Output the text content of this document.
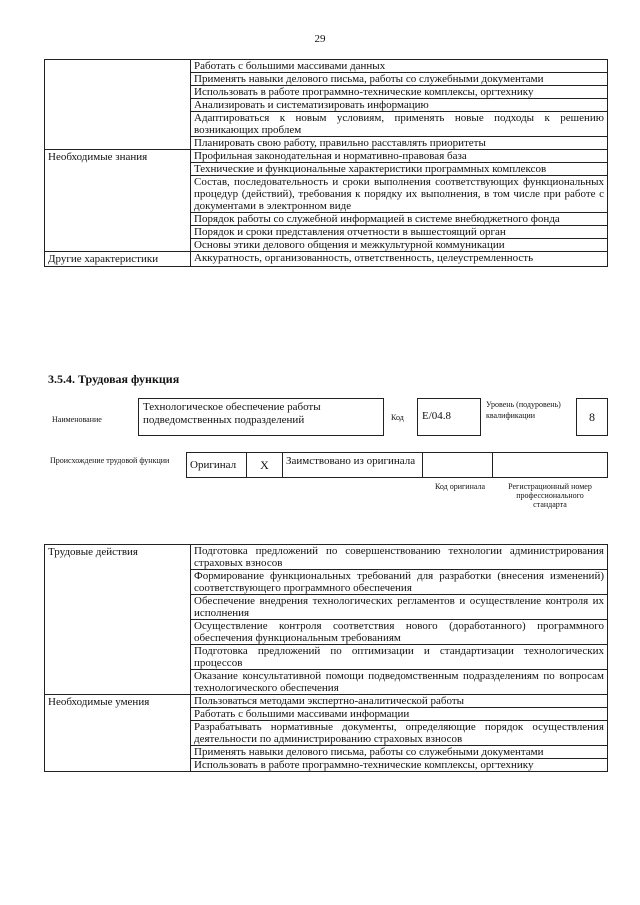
29
	Работать с большими массивами данных
	Применять навыки делового письма, работы со служебными документами
	Использовать в работе программно-технические комплексы, оргтехнику
	Анализировать и систематизировать информацию
	Адаптироваться к новым условиям, применять новые подходы к решению возникающих проблем
	Планировать свою работу, правильно расставлять приоритеты
Необходимые знания	Профильная законодательная и нормативно-правовая база
	Технические и функциональные характеристики программных комплексов
	Состав, последовательность и сроки выполнения соответствующих функциональных процедур (действий), требования к порядку их выполнения, в том числе при работе с документами в электронном виде
	Порядок работы со служебной информацией в системе внебюджетного фонда
	Порядок и сроки представления отчетности в вышестоящий орган
	Основы этики делового общения и межкультурной коммуникации
Другие характеристики	Аккуратность, организованность, ответственность, целеустремленность
3.5.4. Трудовая функция
Наименование
Технологическое обеспечение работы подведомственных подразделений	Код	E/04.8
Уровень (подуровень) квалификации	8
Происхождение трудовой функции	Оригинал	X	Заимствовано из оригинала		
Код оригинала	Регистрационный номер профессионального стандарта
Трудовые действия	Подготовка предложений по совершенствованию технологии администрирования страховых взносов
	Формирование функциональных требований для разработки (внесения изменений) соответствующего программного обеспечения
	Обеспечение внедрения технологических регламентов и осуществление контроля их исполнения
	Осуществление контроля соответствия нового (доработанного) программного обеспечения функциональным требованиям
	Подготовка предложений по оптимизации и стандартизации технологических процессов
	Оказание консультативной помощи подведомственным подразделениям по вопросам технологического обеспечения
Необходимые умения	Пользоваться методами экспертно-аналитической работы
	Работать с большими массивами информации
	Разрабатывать нормативные документы, определяющие порядок осуществления деятельности по администрированию страховых взносов
	Применять навыки делового письма, работы со служебными документами
	Использовать в работе программно-технические комплексы, оргтехнику
